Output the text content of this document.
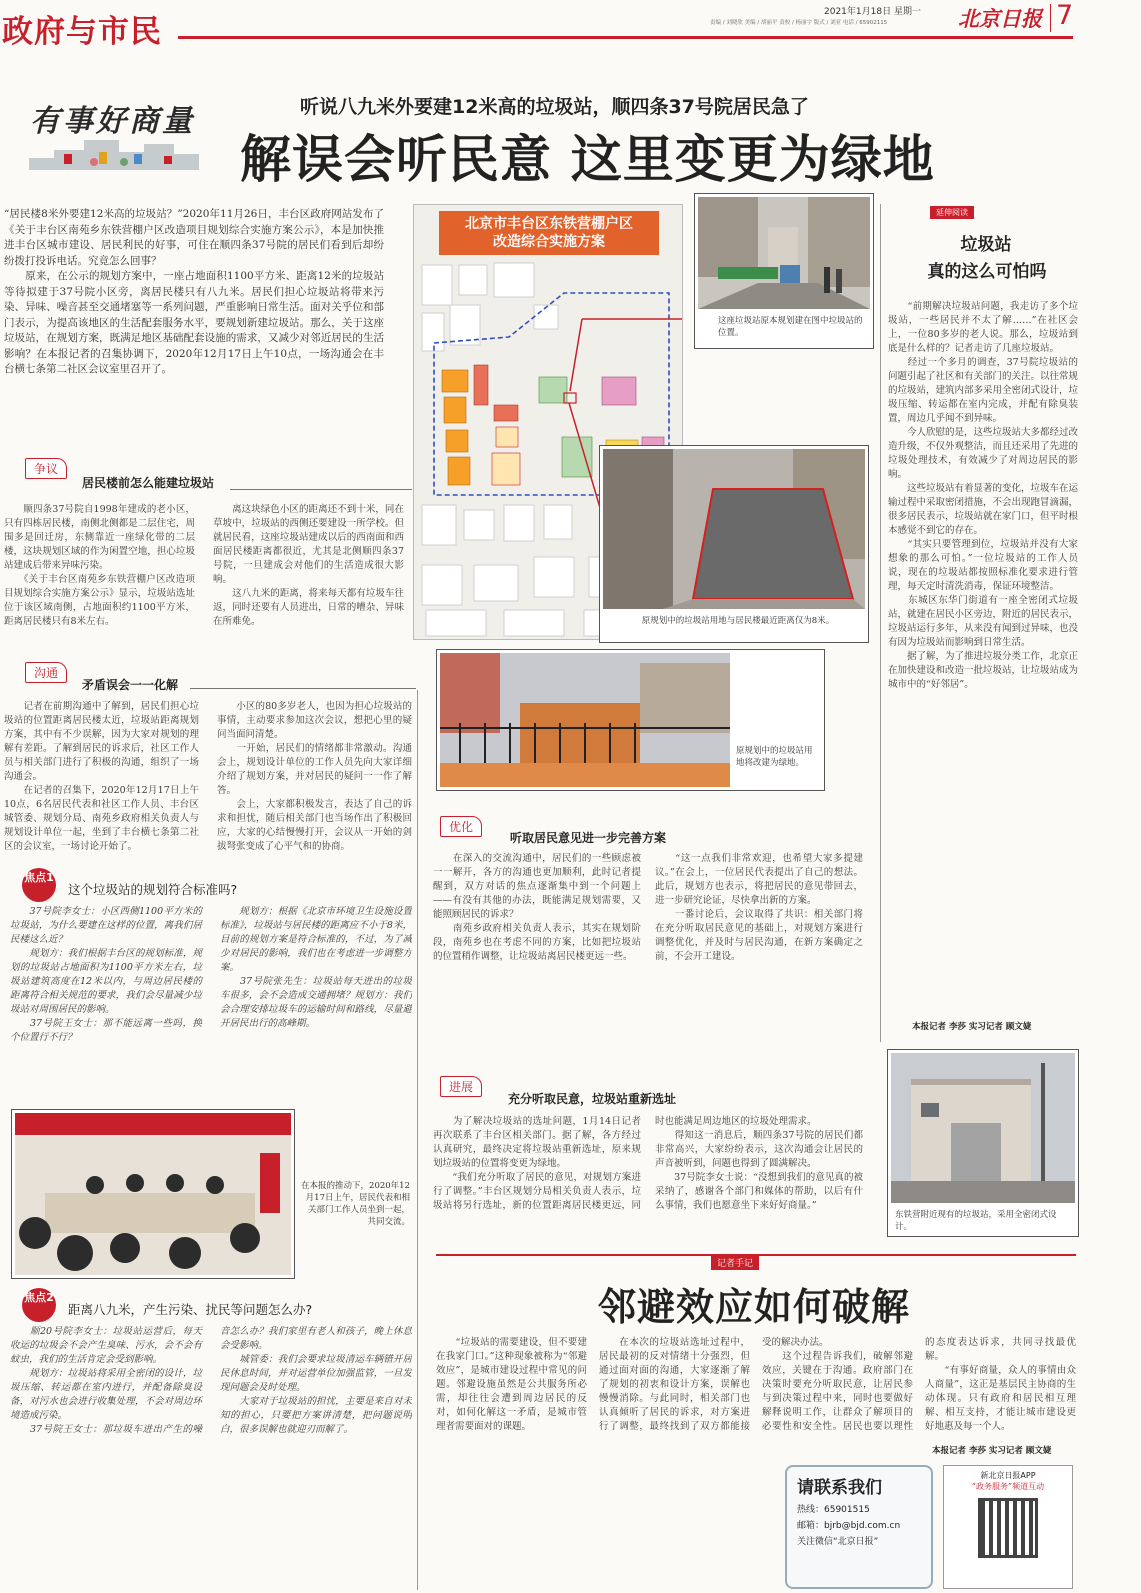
政府与市民
2021年1月18日 星期一
责编 / 刘晓欣 美编 / 胡丽平 责校 / 杨丽宇 版式 / 刘亚 电话 / 65902115	北京日报 7
有事好商量	听说八九米外要建12米高的垃圾站，顺四条37号院居民急了
解误会听民意 这里变更为绿地
“居民楼8米外要建12米高的垃圾站？”2020年11月26日，丰台区政府网站发布了《关于丰台区南苑乡东铁营棚户区改造项目规划综合实施方案公示》，本是加快推进丰台区城市建设、居民利民的好事，可住在顺四条37号院的居民们看到后却纷纷拨打投诉电话。究竟怎么回事？
　　原来，在公示的规划方案中，一座占地面积1100平方米、距离12米的垃圾站等待拟建于37号院小区旁，离居民楼只有八九米。居民们担心垃圾站将带来污染、异味、噪音甚至交通堵塞等一系列问题，严重影响日常生活。面对关乎位和部门表示，为提高该地区的生活配套服务水平，要规划新建垃圾站。那么，关于这座垃圾站，在规划方案，既满足地区基础配套设施的需求，又减少对邻近居民的生活影响？在本报记者的召集协调下，2020年12月17日上午10点，一场沟通会在丰台横七条第二社区会议室里召开了。
北京市丰台区东铁营棚户区
改造综合实施方案
这座垃圾站原本规划建在图中垃圾站的位置。
原规划中的垃圾站用地与居民楼最近距离仅为8米。
原规划中的垃圾站用地将改建为绿地。
争议
居民楼前怎么能建垃圾站
　　顺四条37号院自1998年建成的老小区，只有四栋居民楼，南侧北侧都是二层住宅，周围多是回迁房，东侧靠近一座绿化带的二层楼，这块规划区域的作为闲置空地，担心垃圾站建成后带来异味污染。
　　《关于丰台区南苑乡东铁营棚户区改造项目规划综合实施方案公示》显示，垃圾站选址位于该区域南侧，占地面积约1100平方米，距离居民楼只有8米左右。
　　离这块绿色小区的距离还不到十米，同在草坡中，垃圾站的西侧还要建设一所学校。但就居民看，这座垃圾站建成以后的西南面和西面居民楼距离都很近，尤其是北侧顺四条37号院，一旦建成会对他们的生活造成很大影响。
　　这八九米的距离，将来每天都有垃圾车往返，同时还要有人员进出，日常的嘈杂、异味在所难免。
沟通
矛盾误会一一化解
　　记者在前期沟通中了解到，居民们担心垃圾站的位置距离居民楼太近，垃圾站距离规划方案，其中有不少误解，因为大家对规划的理解有差距。了解到居民的诉求后，社区工作人员与相关部门进行了积极的沟通，组织了一场沟通会。
　　在记者的召集下，2020年12月17日上午10点，6名居民代表和社区工作人员、丰台区城管委、规划分局、南苑乡政府相关负责人与规划设计单位一起，坐到了丰台横七条第二社区的会议室，一场讨论开始了。
　　小区的80多岁老人，也因为担心垃圾站的事情，主动要求参加这次会议，想把心里的疑问当面问清楚。
　　一开始，居民们的情绪都非常激动。沟通会上，规划设计单位的工作人员先向大家详细介绍了规划方案，并对居民的疑问一一作了解答。
　　会上，大家都积极发言，表达了自己的诉求和担忧，随后相关部门也当场作出了积极回应，大家的心结慢慢打开，会议从一开始的剑拔弩张变成了心平气和的协商。
焦点1
这个垃圾站的规划符合标准吗?
　　37号院李女士：小区西侧1100平方米的垃圾站，为什么要建在这样的位置，离我们居民楼这么近？
　　规划方：我们根据丰台区的规划标准，规划的垃圾站占地面积为1100平方米左右，垃圾站建筑高度在12米以内，与周边居民楼的距离符合相关规范的要求，我们会尽量减少垃圾站对周围居民的影响。
　　37号院王女士：那不能远离一些吗，换个位置行不行？
　　规划方：根据《北京市环境卫生设施设置标准》，垃圾站与居民楼的距离应不小于8米，目前的规划方案是符合标准的，不过，为了减少对居民的影响，我们也在考虑进一步调整方案。
　　37号院张先生：垃圾站每天进出的垃圾车很多，会不会造成交通拥堵？规划方：我们会合理安排垃圾车的运输时间和路线，尽量避开居民出行的高峰期。
在本报的推动下，2020年12月17日上午，居民代表和相关部门工作人员坐到一起，共同交流。
焦点2
距离八九米，产生污染、扰民等问题怎么办?
　　顺20号院李女士：垃圾站运营后，每天收运的垃圾会不会产生臭味、污水，会不会有蚊虫，我们的生活肯定会受到影响。
　　规划方：垃圾站将采用全密闭的设计，垃圾压缩、转运都在室内进行，并配备除臭设备，对污水也会进行收集处理，不会对周边环境造成污染。
　　37号院王女士：那垃圾车进出产生的噪音怎么办？我们家里有老人和孩子，晚上休息会受影响。
　　城管委：我们会要求垃圾清运车辆错开居民休息时间，并对运营单位加强监管，一旦发现问题会及时处理。
　　大家对于垃圾站的担忧，主要是来自对未知的担心，只要把方案讲清楚，把问题说明白，很多误解也就迎刃而解了。
优化
听取居民意见进一步完善方案
　　在深入的交流沟通中，居民们的一些顾虑被一一解开，各方的沟通也更加顺利，此时记者提醒到，双方对话的焦点逐渐集中到一个问题上——有没有其他的办法，既能满足规划需要，又能照顾居民的诉求？
　　南苑乡政府相关负责人表示，其实在规划阶段，南苑乡也在考虑不同的方案，比如把垃圾站的位置稍作调整，让垃圾站离居民楼更远一些。
　　“这一点我们非常欢迎，也希望大家多提建议。”在会上，一位居民代表提出了自己的想法。此后，规划方也表示，将把居民的意见带回去，进一步研究论证，尽快拿出新的方案。
　　一番讨论后，会议取得了共识：相关部门将在充分听取居民意见的基础上，对规划方案进行调整优化，并及时与居民沟通，在新方案确定之前，不会开工建设。
进展
充分听取民意，垃圾站重新选址
　　为了解决垃圾站的选址问题，1月14日记者再次联系了丰台区相关部门。据了解，各方经过认真研究，最终决定将垃圾站重新选址，原来规划垃圾站的位置将变更为绿地。
　　“我们充分听取了居民的意见，对规划方案进行了调整。”丰台区规划分局相关负责人表示，垃圾站将另行选址，新的位置距离居民楼更远，同时也能满足周边地区的垃圾处理需求。
　　得知这一消息后，顺四条37号院的居民们都非常高兴，大家纷纷表示，这次沟通会让居民的声音被听到，问题也得到了圆满解决。
　　37号院李女士说：“没想到我们的意见真的被采纳了，感谢各个部门和媒体的帮助，以后有什么事情，我们也愿意坐下来好好商量。”
延伸阅读
垃圾站
真的这么可怕吗
　　“前期解决垃圾站问题，我走访了多个垃圾站，一些居民并不太了解……”在社区会上，一位80多岁的老人说。那么，垃圾站到底是什么样的？记者走访了几座垃圾站。
　　经过一个多月的调查，37号院垃圾站的问题引起了社区和有关部门的关注。以往常规的垃圾站，建筑内部多采用全密闭式设计，垃圾压缩、转运都在室内完成，并配有除臭装置，周边几乎闻不到异味。
　　今人欣慰的是，这些垃圾站大多都经过改造升级，不仅外观整洁，而且还采用了先进的垃圾处理技术，有效减少了对周边居民的影响。
　　这些垃圾站有着显著的变化，垃圾车在运输过程中采取密闭措施，不会出现跑冒滴漏，很多居民表示，垃圾站就在家门口，但平时根本感觉不到它的存在。
　　“其实只要管理到位，垃圾站并没有大家想象的那么可怕。”一位垃圾站的工作人员说，现在的垃圾站都按照标准化要求进行管理，每天定时清洗消毒，保证环境整洁。
　　东城区东华门街道有一座全密闭式垃圾站，就建在居民小区旁边，附近的居民表示，垃圾站运行多年，从来没有闻到过异味，也没有因为垃圾站而影响到日常生活。
　　据了解，为了推进垃圾分类工作，北京正在加快建设和改造一批垃圾站，让垃圾站成为城市中的“好邻居”。
本报记者 李莎 实习记者 顾文婕
东铁营附近现有的垃圾站，采用全密闭式设计。
记者手记
邻避效应如何破解
　　“垃圾站的需要建设，但不要建在我家门口。”这种现象被称为“邻避效应”，是城市建设过程中常见的问题。邻避设施虽然是公共服务所必需，却往往会遭到周边居民的反对，如何化解这一矛盾，是城市管理者需要面对的课题。
　　在本次的垃圾站选址过程中，居民最初的反对情绪十分强烈，但通过面对面的沟通，大家逐渐了解了规划的初衷和设计方案，误解也慢慢消除。与此同时，相关部门也认真倾听了居民的诉求，对方案进行了调整，最终找到了双方都能接受的解决办法。
　　这个过程告诉我们，破解邻避效应，关键在于沟通。政府部门在决策时要充分听取民意，让居民参与到决策过程中来，同时也要做好解释说明工作，让群众了解项目的必要性和安全性。居民也要以理性的态度表达诉求，共同寻找最优解。
　　“有事好商量，众人的事情由众人商量”，这正是基层民主协商的生动体现。只有政府和居民相互理解、相互支持，才能让城市建设更好地惠及每一个人。
本报记者 李莎 实习记者 顾文婕
请联系我们
热线：65901515
邮箱：bjrb@bjd.com.cn
关注微信“北京日报”
新北京日报APP
“政务服务”频道互动
